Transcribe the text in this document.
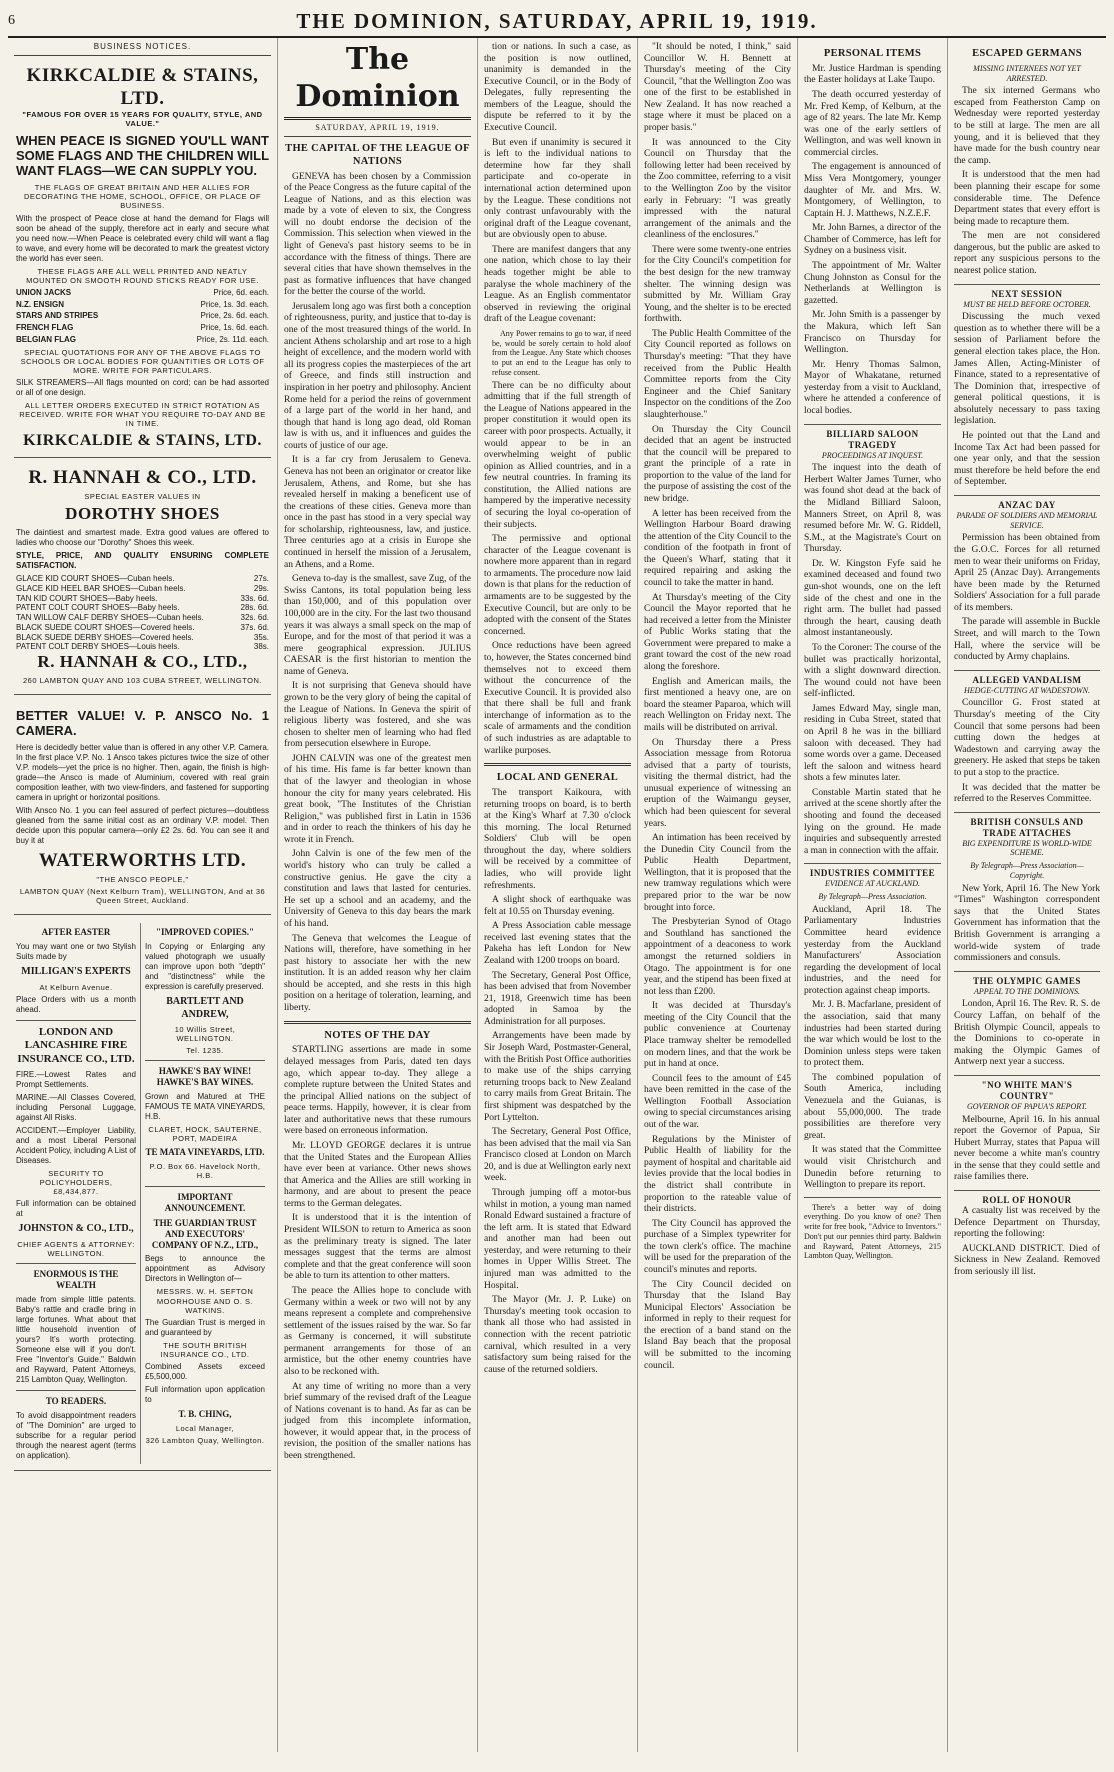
6	THE DOMINION, SATURDAY, APRIL 19, 1919.
BUSINESS NOTICES.
KIRKCALDIE & STAINS, LTD.
"FAMOUS FOR OVER 15 YEARS FOR QUALITY, STYLE, AND VALUE."
WHEN PEACE IS SIGNED YOU'LL WANT SOME FLAGS AND THE CHILDREN WILL WANT FLAGS—WE CAN SUPPLY YOU.
THE FLAGS OF GREAT BRITAIN AND HER ALLIES FOR DECORATING THE HOME, SCHOOL, OFFICE, OR PLACE OF BUSINESS.
With the prospect of Peace close at hand the demand for Flags will soon be ahead of the supply, therefore act in early and secure what you need now.—When Peace is celebrated every child will want a flag to wave, and every home will be decorated to mark the greatest victory the world has ever seen.
THESE FLAGS ARE ALL WELL PRINTED AND NEATLY MOUNTED ON SMOOTH ROUND STICKS READY FOR USE.
UNION JACKS	Price, 6d. each.
N.Z. ENSIGN	Price, 1s. 3d. each.
STARS AND STRIPES	Price, 2s. 6d. each.
FRENCH FLAG	Price, 1s. 6d. each.
BELGIAN FLAG	Price, 2s. 11d. each.
SPECIAL QUOTATIONS FOR ANY OF THE ABOVE FLAGS TO SCHOOLS OR LOCAL BODIES FOR QUANTITIES OR LOTS OF MORE. WRITE FOR PARTICULARS.
SILK STREAMERS—All flags mounted on cord; can be had assorted or all of one design.
ALL LETTER ORDERS EXECUTED IN STRICT ROTATION AS RECEIVED. WRITE FOR WHAT YOU REQUIRE TO-DAY AND BE IN TIME.
KIRKCALDIE & STAINS, LTD.
R. HANNAH & CO., LTD.
SPECIAL EASTER VALUES IN
DOROTHY SHOES
The daintiest and smartest made. Extra good values are offered to ladies who choose our "Dorothy" Shoes this week.
STYLE, PRICE, AND QUALITY ENSURING COMPLETE SATISFACTION.
GLACE KID COURT SHOES—Cuban heels.	27s.
GLACE KID HEEL BAR SHOES—Cuban heels.	29s.
TAN KID COURT SHOES—Baby heels.	33s. 6d.
PATENT COLT COURT SHOES—Baby heels.	28s. 6d.
TAN WILLOW CALF DERBY SHOES—Cuban heels.	32s. 6d.
BLACK SUEDE COURT SHOES—Covered heels.	37s. 6d.
BLACK SUEDE DERBY SHOES—Covered heels.	35s.
PATENT COLT DERBY SHOES—Louis heels.	38s.
R. HANNAH & CO., LTD.,
260 LAMBTON QUAY AND 103 CUBA STREET, WELLINGTON.
BETTER VALUE! V. P. ANSCO No. 1 CAMERA.
Here is decidedly better value than is offered in any other V.P. Camera. In the first place V.P. No. 1 Ansco takes pictures twice the size of other V.P. models—yet the price is no higher. Then, again, the finish is high-grade—the Ansco is made of Aluminium, covered with real grain composition leather, with two view-finders, and fastened for supporting camera in upright or horizontal positions.
With Ansco No. 1 you can feel assured of perfect pictures—doubtless gleaned from the same initial cost as an ordinary V.P. model. Then decide upon this popular camera—only £2 2s. 6d. You can see it and buy it at
WATERWORTHS LTD.
"THE ANSCO PEOPLE,"
LAMBTON QUAY (Next Kelburn Tram), WELLINGTON, And at 36 Queen Street, Auckland.
AFTER EASTER
You may want one or two Stylish Suits made by
MILLIGAN'S EXPERTS
At Kelburn Avenue.
Place Orders with us a month ahead.
LONDON AND LANCASHIRE FIRE INSURANCE CO., LTD.
FIRE.—Lowest Rates and Prompt Settlements.
MARINE.—All Classes Covered, including Personal Luggage, against All Risks.
ACCIDENT.—Employer Liability, and a most Liberal Personal Accident Policy, including A List of Diseases.
SECURITY TO POLICYHOLDERS, £8,434,877.
Full information can be obtained at
JOHNSTON & CO., LTD.,
CHIEF AGENTS & ATTORNEY: WELLINGTON.
ENORMOUS IS THE WEALTH
made from simple little patents. Baby's rattle and cradle bring in large fortunes. What about that little household invention of yours? It's worth protecting. Someone else will if you don't. Free "Inventor's Guide." Baldwin and Rayward, Patent Attorneys, 215 Lambton Quay, Wellington.
TO READERS.
To avoid disappointment readers of "The Dominion" are urged to subscribe for a regular period through the nearest agent (terms on application).
"IMPROVED COPIES."
In Copying or Enlarging any valued photograph we usually can improve upon both "depth" and "distinctness" while the expression is carefully preserved.
BARTLETT AND ANDREW,
10 Willis Street, WELLINGTON.
Tel. 1235.
HAWKE'S BAY WINE! HAWKE'S BAY WINES.
Grown and Matured at THE FAMOUS TE MATA VINEYARDS, H.B.
CLARET, HOCK, SAUTERNE, PORT, MADEIRA
TE MATA VINEYARDS, LTD.
P.O. Box 66. Havelock North, H.B.
IMPORTANT ANNOUNCEMENT.
THE GUARDIAN TRUST AND EXECUTORS' COMPANY OF N.Z., LTD.,
Begs to announce the appointment as Advisory Directors in Wellington of—
MESSRS. W. H. SEFTON MOORHOUSE AND O. S. WATKINS.
The Guardian Trust is merged in and guaranteed by
THE SOUTH BRITISH INSURANCE CO., LTD.
Combined Assets exceed £5,500,000.
Full information upon application to
T. B. CHING,
Local Manager,
326 Lambton Quay, Wellington.
The Dominion
SATURDAY, APRIL 19, 1919.
THE CAPITAL OF THE LEAGUE OF NATIONS

GENEVA has been chosen by a Commission of the Peace Congress as the future capital of the League of Nations, and as this election was made by a vote of eleven to six, the Congress will no doubt endorse the decision of the Commission. This selection when viewed in the light of Geneva's past history seems to be in accordance with the fitness of things. There are several cities that have shown themselves in the past as formative influences that have changed for the better the course of the world.

Jerusalem long ago was first both a conception of righteousness, purity, and justice that to-day is one of the most treasured things of the world. In ancient Athens scholarship and art rose to a high height of excellence, and the modern world with all its progress copies the masterpieces of the art of Greece, and finds still instruction and inspiration in her poetry and philosophy. Ancient Rome held for a period the reins of government of a large part of the world in her hand, and though that hand is long ago dead, old Roman law is with us, and it influences and guides the courts of justice of our age.

It is a far cry from Jerusalem to Geneva. Geneva has not been an originator or creator like Jerusalem, Athens, and Rome, but she has revealed herself in making a beneficent use of the creations of these cities. Geneva more than once in the past has stood in a very special way for scholarship, righteousness, law, and justice. Three centuries ago at a crisis in Europe she continued in herself the mission of a Jerusalem, an Athens, and a Rome.

Geneva to-day is the smallest, save Zug, of the Swiss Cantons, its total population being less than 150,000, and of this population over 100,000 are in the city. For the last two thousand years it was always a small speck on the map of Europe, and for the most of that period it was a mere geographical expression. JULIUS CAESAR is the first historian to mention the name of Geneva.

It is not surprising that Geneva should have grown to be the very glory of being the capital of the League of Nations. In Geneva the spirit of religious liberty was fostered, and she was chosen to shelter men of learning who had fled from persecution elsewhere in Europe.

JOHN CALVIN was one of the greatest men of his time. His fame is far better known than that of the lawyer and theologian in whose honour the city for many years celebrated. His great book, "The Institutes of the Christian Religion," was published first in Latin in 1536 and in order to reach the thinkers of his day he wrote it in French.

John Calvin is one of the few men of the world's history who can truly be called a constructive genius. He gave the city a constitution and laws that lasted for centuries. He set up a school and an academy, and the University of Geneva to this day bears the mark of his hand.

The Geneva that welcomes the League of Nations will, therefore, have something in her past history to associate her with the new institution. It is an added reason why her claim should be accepted, and she rests in this high position on a heritage of toleration, learning, and liberty.

NOTES OF THE DAY

STARTLING assertions are made in some delayed messages from Paris, dated ten days ago, which appear to-day. They allege a complete rupture between the United States and the principal Allied nations on the subject of peace terms. Happily, however, it is clear from later and authoritative news that these rumours were based on erroneous information.

Mr. LLOYD GEORGE declares it is untrue that the United States and the European Allies have ever been at variance. Other news shows that America and the Allies are still working in harmony, and are about to present the peace terms to the German delegates.

It is understood that it is the intention of President WILSON to return to America as soon as the preliminary treaty is signed. The later messages suggest that the terms are almost complete and that the great conference will soon be able to turn its attention to other matters.

The peace the Allies hope to conclude with Germany within a week or two will not by any means represent a complete and comprehensive settlement of the issues raised by the war. So far as Germany is concerned, it will substitute permanent arrangements for those of an armistice, but the other enemy countries have also to be reckoned with.

At any time of writing no more than a very brief summary of the revised draft of the League of Nations covenant is to hand. As far as can be judged from this incomplete information, however, it would appear that, in the process of revision, the position of the smaller nations has been strengthened.

tion or nations. In such a case, as the position is now outlined, unanimity is demanded in the Executive Council, or in the Body of Delegates, fully representing the members of the League, should the dispute be referred to it by the Executive Council.

But even if unanimity is secured it is left to the individual nations to determine how far they shall participate and co-operate in international action determined upon by the League. These conditions not only contrast unfavourably with the original draft of the League covenant, but are obviously open to abuse.

There are manifest dangers that any one nation, which chose to lay their heads together might be able to paralyse the whole machinery of the League. As an English commentator observed in reviewing the original draft of the League covenant:

Any Power remains to go to war, if need be, would be sorely certain to hold aloof from the League. Any State which chooses to put an end to the League has only to refuse consent.

There can be no difficulty about admitting that if the full strength of the League of Nations appeared in the proper constitution it would open its career with poor prospects. Actually, it would appear to be in an overwhelming weight of public opinion as Allied countries, and in a few neutral countries. In framing its constitution, the Allied nations are hampered by the imperative necessity of securing the loyal co-operation of their subjects.

The permissive and optional character of the League covenant is nowhere more apparent than in regard to armaments. The procedure now laid down is that plans for the reduction of armaments are to be suggested by the Executive Council, but are only to be adopted with the consent of the States concerned.

Once reductions have been agreed to, however, the States concerned bind themselves not to exceed them without the concurrence of the Executive Council. It is provided also that there shall be full and frank interchange of information as to the scale of armaments and the condition of such industries as are adaptable to warlike purposes.

LOCAL AND GENERAL

The transport Kaikoura, with returning troops on board, is to berth at the King's Wharf at 7.30 o'clock this morning. The local Returned Soldiers' Club will be open throughout the day, where soldiers will be received by a committee of ladies, who will provide light refreshments.

A slight shock of earthquake was felt at 10.55 on Thursday evening.

A Press Association cable message received last evening states that the Pakeha has left London for New Zealand with 1200 troops on board.

The Secretary, General Post Office, has been advised that from November 21, 1918, Greenwich time has been adopted in Samoa by the Administration for all purposes.

Arrangements have been made by Sir Joseph Ward, Postmaster-General, with the British Post Office authorities to make use of the ships carrying returning troops back to New Zealand to carry mails from Great Britain. The first shipment was despatched by the Port Lyttelton.

The Secretary, General Post Office, has been advised that the mail via San Francisco closed at London on March 20, and is due at Wellington early next week.

Through jumping off a motor-bus whilst in motion, a young man named Ronald Edward sustained a fracture of the left arm. It is stated that Edward and another man had been out yesterday, and were returning to their homes in Upper Willis Street. The injured man was admitted to the Hospital.

The Mayor (Mr. J. P. Luke) on Thursday's meeting took occasion to thank all those who had assisted in connection with the recent patriotic carnival, which resulted in a very satisfactory sum being raised for the cause of the returned soldiers.

"It should be noted, I think," said Councillor W. H. Bennett at Thursday's meeting of the City Council, "that the Wellington Zoo was one of the first to be established in New Zealand. It has now reached a stage where it must be placed on a proper basis."

It was announced to the City Council on Thursday that the following letter had been received by the Zoo committee, referring to a visit to the Wellington Zoo by the visitor early in February: "I was greatly impressed with the natural arrangement of the animals and the cleanliness of the enclosures."

There were some twenty-one entries for the City Council's competition for the best design for the new tramway shelter. The winning design was submitted by Mr. William Gray Young, and the shelter is to be erected forthwith.

The Public Health Committee of the City Council reported as follows on Thursday's meeting: "That they have received from the Public Health Committee reports from the City Engineer and the Chief Sanitary Inspector on the conditions of the Zoo slaughterhouse."

On Thursday the City Council decided that an agent be instructed that the council will be prepared to grant the principle of a rate in proportion to the value of the land for the purpose of assisting the cost of the new bridge.

A letter has been received from the Wellington Harbour Board drawing the attention of the City Council to the condition of the footpath in front of the Queen's Wharf, stating that it required repairing and asking the council to take the matter in hand.

At Thursday's meeting of the City Council the Mayor reported that he had received a letter from the Minister of Public Works stating that the Government were prepared to make a grant toward the cost of the new road along the foreshore.

English and American mails, the first mentioned a heavy one, are on board the steamer Paparoa, which will reach Wellington on Friday next. The mails will be distributed on arrival.

On Thursday there a Press Association message from Rotorua advised that a party of tourists, visiting the thermal district, had the unusual experience of witnessing an eruption of the Waimangu geyser, which had been quiescent for several years.

An intimation has been received by the Dunedin City Council from the Public Health Department, Wellington, that it is proposed that the new tramway regulations which were prepared prior to the war be now brought into force.

The Presbyterian Synod of Otago and Southland has sanctioned the appointment of a deaconess to work amongst the returned soldiers in Otago. The appointment is for one year, and the stipend has been fixed at not less than £200.

It was decided at Thursday's meeting of the City Council that the public convenience at Courtenay Place tramway shelter be remodelled on modern lines, and that the work be put in hand at once.

Council fees to the amount of £45 have been remitted in the case of the Wellington Football Association owing to special circumstances arising out of the war.

Regulations by the Minister of Public Health of liability for the payment of hospital and charitable aid levies provide that the local bodies in the district shall contribute in proportion to the rateable value of their districts.

The City Council has approved the purchase of a Simplex typewriter for the town clerk's office. The machine will be used for the preparation of the council's minutes and reports.

The City Council decided on Thursday that the Island Bay Municipal Electors' Association be informed in reply to their request for the erection of a band stand on the Island Bay beach that the proposal will be submitted to the incoming council.

PERSONAL ITEMS

Mr. Justice Hardman is spending the Easter holidays at Lake Taupo.

The death occurred yesterday of Mr. Fred Kemp, of Kelburn, at the age of 82 years. The late Mr. Kemp was one of the early settlers of Wellington, and was well known in commercial circles.

The engagement is announced of Miss Vera Montgomery, younger daughter of Mr. and Mrs. W. Montgomery, of Wellington, to Captain H. J. Matthews, N.Z.E.F.

Mr. John Barnes, a director of the Chamber of Commerce, has left for Sydney on a business visit.

The appointment of Mr. Walter Chung Johnston as Consul for the Netherlands at Wellington is gazetted.

Mr. John Smith is a passenger by the Makura, which left San Francisco on Thursday for Wellington.

Mr. Henry Thomas Salmon, Mayor of Whakatane, returned yesterday from a visit to Auckland, where he attended a conference of local bodies.

BILLIARD SALOON TRAGEDY
PROCEEDINGS AT INQUEST.

The inquest into the death of Herbert Walter James Turner, who was found shot dead at the back of the Midland Billiard Saloon, Manners Street, on April 8, was resumed before Mr. W. G. Riddell, S.M., at the Magistrate's Court on Thursday.

Dr. W. Kingston Fyfe said he examined deceased and found two gun-shot wounds, one on the left side of the chest and one in the right arm. The bullet had passed through the heart, causing death almost instantaneously.

To the Coroner: The course of the bullet was practically horizontal, with a slight downward direction. The wound could not have been self-inflicted.

James Edward May, single man, residing in Cuba Street, stated that on April 8 he was in the billiard saloon with deceased. They had some words over a game. Deceased left the saloon and witness heard shots a few minutes later.

Constable Martin stated that he arrived at the scene shortly after the shooting and found the deceased lying on the ground. He made inquiries and subsequently arrested a man in connection with the affair.

INDUSTRIES COMMITTEE
EVIDENCE AT AUCKLAND.
By Telegraph—Press Association.

Auckland, April 18. The Parliamentary Industries Committee heard evidence yesterday from the Auckland Manufacturers' Association regarding the development of local industries, and the need for protection against cheap imports.

Mr. J. B. Macfarlane, president of the association, said that many industries had been started during the war which would be lost to the Dominion unless steps were taken to protect them.

The combined population of South America, including Venezuela and the Guianas, is about 55,000,000. The trade possibilities are therefore very great.

It was stated that the Committee would visit Christchurch and Dunedin before returning to Wellington to prepare its report.

There's a better way of doing everything. Do you know of one? Then write for free book, "Advice to Inventors." Don't put our pennies third party. Baldwin and Rayward, Patent Attorneys, 215 Lambton Quay, Wellington.

ESCAPED GERMANS
MISSING INTERNEES NOT YET ARRESTED.

The six interned Germans who escaped from Featherston Camp on Wednesday were reported yesterday to be still at large. The men are all young, and it is believed that they have made for the bush country near the camp.

It is understood that the men had been planning their escape for some considerable time. The Defence Department states that every effort is being made to recapture them.

The men are not considered dangerous, but the public are asked to report any suspicious persons to the nearest police station.

NEXT SESSION
MUST BE HELD BEFORE OCTOBER.

Discussing the much vexed question as to whether there will be a session of Parliament before the general election takes place, the Hon. James Allen, Acting-Minister of Finance, stated to a representative of The Dominion that, irrespective of general political questions, it is absolutely necessary to pass taxing legislation.

He pointed out that the Land and Income Tax Act had been passed for one year only, and that the session must therefore be held before the end of September.

ANZAC DAY
PARADE OF SOLDIERS AND MEMORIAL SERVICE.

Permission has been obtained from the G.O.C. Forces for all returned men to wear their uniforms on Friday, April 25 (Anzac Day). Arrangements have been made by the Returned Soldiers' Association for a full parade of its members.

The parade will assemble in Buckle Street, and will march to the Town Hall, where the service will be conducted by Army chaplains.

ALLEGED VANDALISM
HEDGE-CUTTING AT WADESTOWN.

Councillor G. Frost stated at Thursday's meeting of the City Council that some persons had been cutting down the hedges at Wadestown and carrying away the greenery. He asked that steps be taken to put a stop to the practice.

It was decided that the matter be referred to the Reserves Committee.

BRITISH CONSULS AND TRADE ATTACHES
BIG EXPENDITURE IS WORLD-WIDE SCHEME.
By Telegraph—Press Association—Copyright.

New York, April 16. The New York "Times" Washington correspondent says that the United States Government has information that the British Government is arranging a world-wide system of trade commissioners and consuls.

THE OLYMPIC GAMES
APPEAL TO THE DOMINIONS.

London, April 16. The Rev. R. S. de Courcy Laffan, on behalf of the British Olympic Council, appeals to the Dominions to co-operate in making the Olympic Games of Antwerp next year a success.

"NO WHITE MAN'S COUNTRY"
GOVERNOR OF PAPUA'S REPORT.

Melbourne, April 16. In his annual report the Governor of Papua, Sir Hubert Murray, states that Papua will never become a white man's country in the sense that they could settle and raise families there.

ROLL OF HONOUR

A casualty list was received by the Defence Department on Thursday, reporting the following:

AUCKLAND DISTRICT. Died of Sickness in New Zealand. Removed from seriously ill list.
